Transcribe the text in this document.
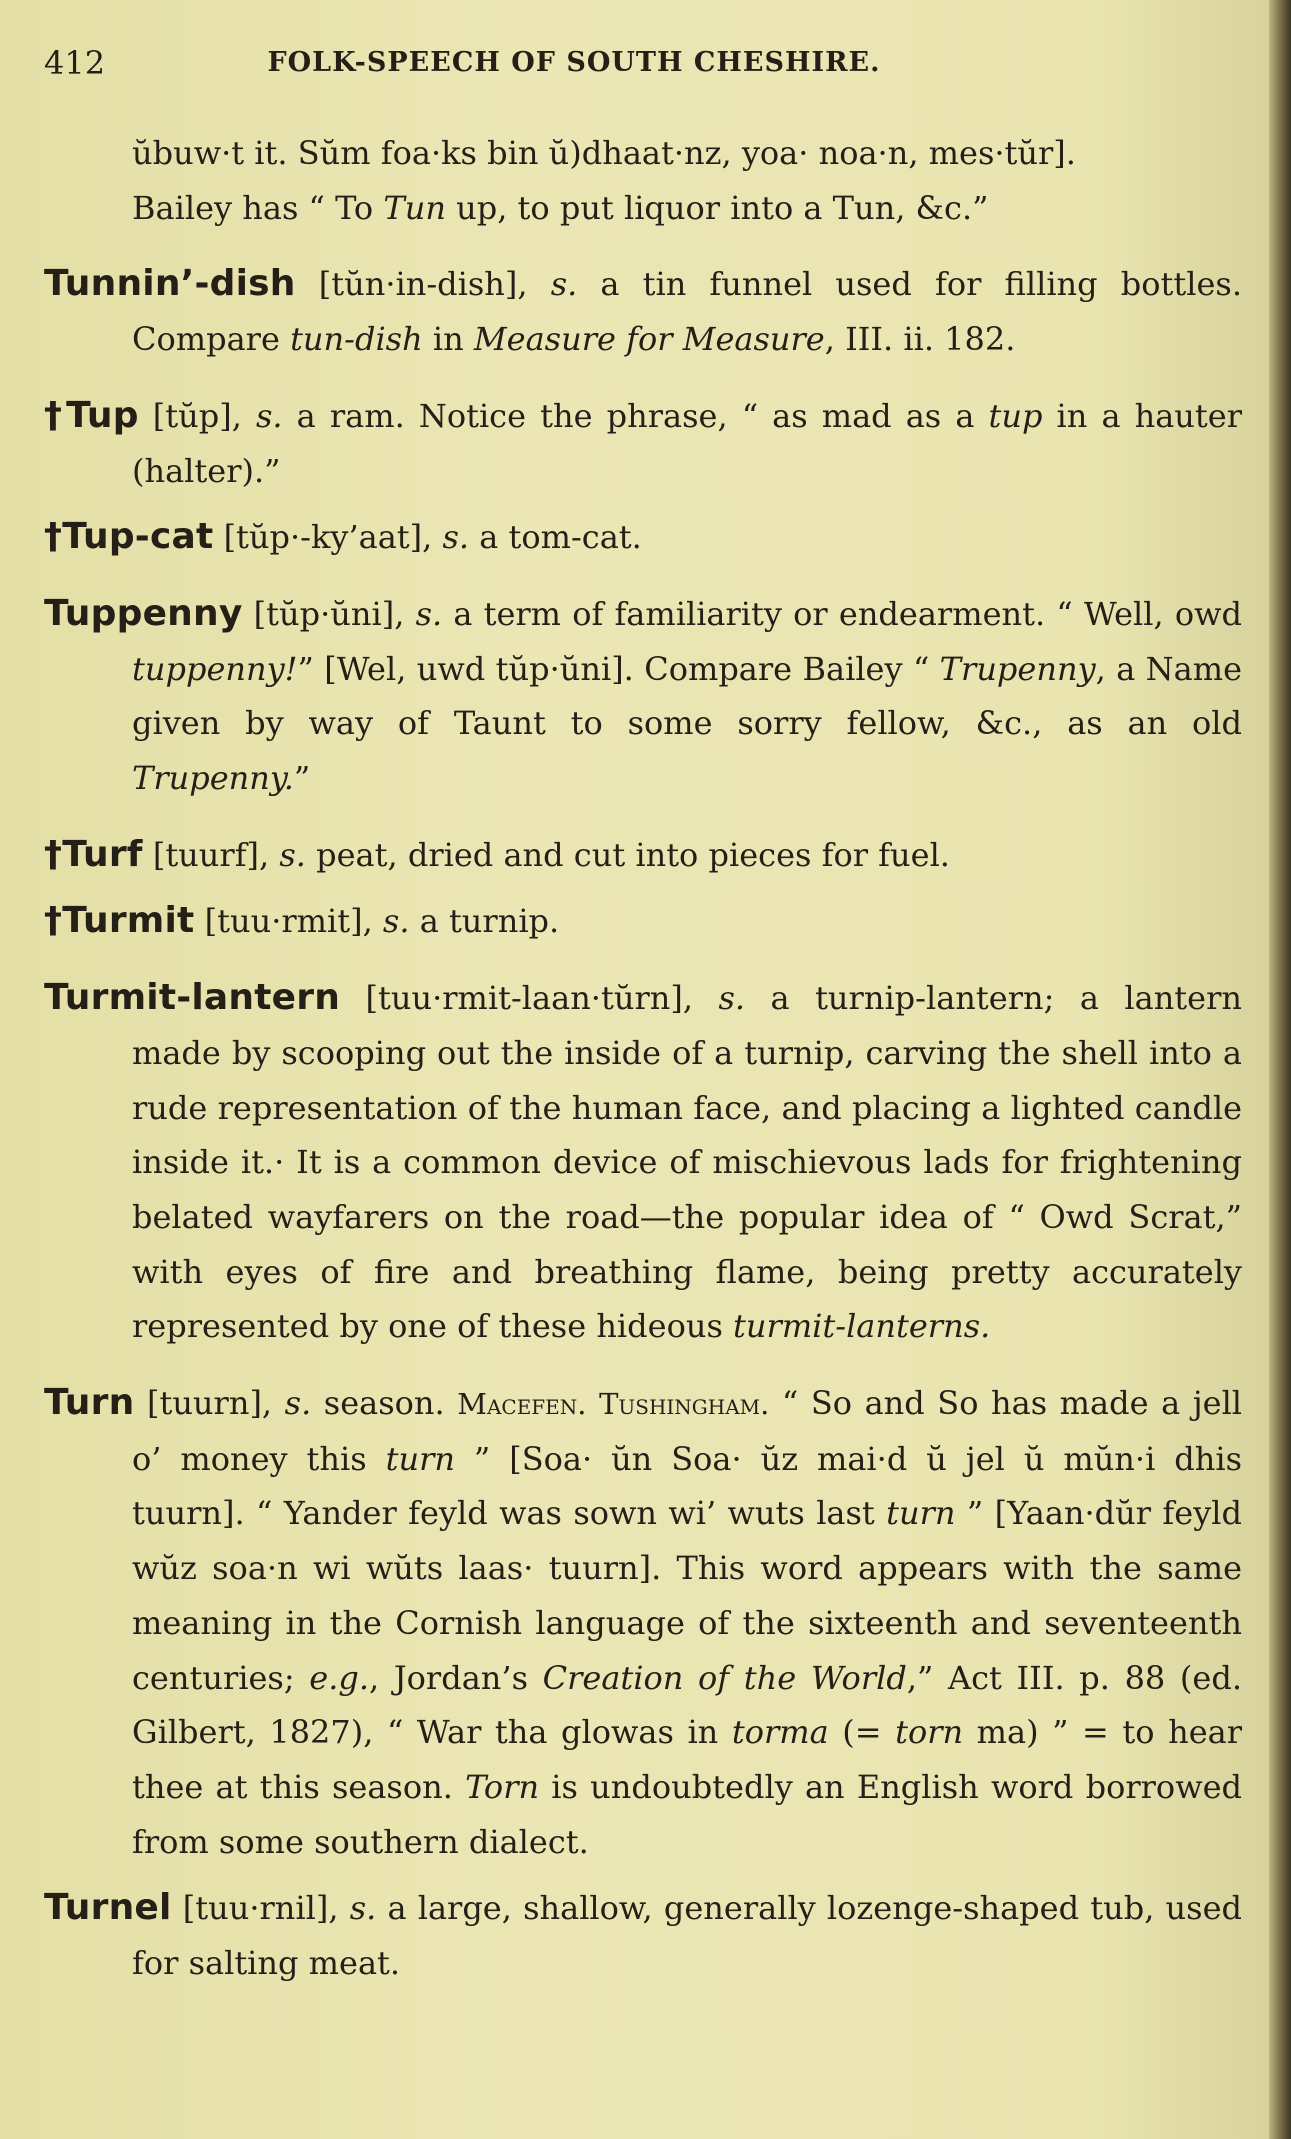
412	FOLK-SPEECH OF SOUTH CHESHIRE.

ŭbuw·t it. Sŭm foa·ks bin ŭ)dhaat·nz, yoa· noa·n, mes·tŭr].
Bailey has “ To Tun up, to put liquor into a Tun, &c.”

Tunnin’-dish [tŭn·in-dish], s. a tin funnel used for filling bottles. Compare tun-dish in Measure for Measure, III. ii. 182.

†Tup [tŭp], s. a ram. Notice the phrase, “ as mad as a tup in a hauter (halter).”

†Tup-cat [tŭp·-ky’aat], s. a tom-cat.

Tuppenny [tŭp·ŭni], s. a term of familiarity or endearment. “ Well, owd tuppenny!” [Wel, uwd tŭp·ŭni]. Compare Bailey “ Trupenny, a Name given by way of Taunt to some sorry fellow, &c., as an old Trupenny.”

†Turf [tuurf], s. peat, dried and cut into pieces for fuel.

†Turmit [tuu·rmit], s. a turnip.

Turmit-lantern [tuu·rmit-laan·tŭrn], s. a turnip-lantern; a lantern made by scooping out the inside of a turnip, carving the shell into a rude representation of the human face, and placing a lighted candle inside it.· It is a common device of mischievous lads for frightening belated wayfarers on the road—the popular idea of “ Owd Scrat,” with eyes of fire and breathing flame, being pretty accurately represented by one of these hideous turmit-lanterns.

Turn [tuurn], s. season. Macefen. Tushingham. “ So and So has made a jell o’ money this turn ” [Soa· ŭn Soa· ŭz mai·d ŭ jel ŭ mŭn·i dhis tuurn]. “ Yander feyld was sown wi’ wuts last turn ” [Yaan·dŭr feyld wŭz soa·n wi wŭts laas· tuurn]. This word appears with the same meaning in the Cornish language of the sixteenth and seventeenth centuries; e.g., Jordan’s Creation of the World,” Act III. p. 88 (ed. Gilbert, 1827), “ War tha glowas in torma (= torn ma) ” = to hear thee at this season. Torn is undoubtedly an English word borrowed from some southern dialect.

Turnel [tuu·rnil], s. a large, shallow, generally lozenge-shaped tub, used for salting meat.
